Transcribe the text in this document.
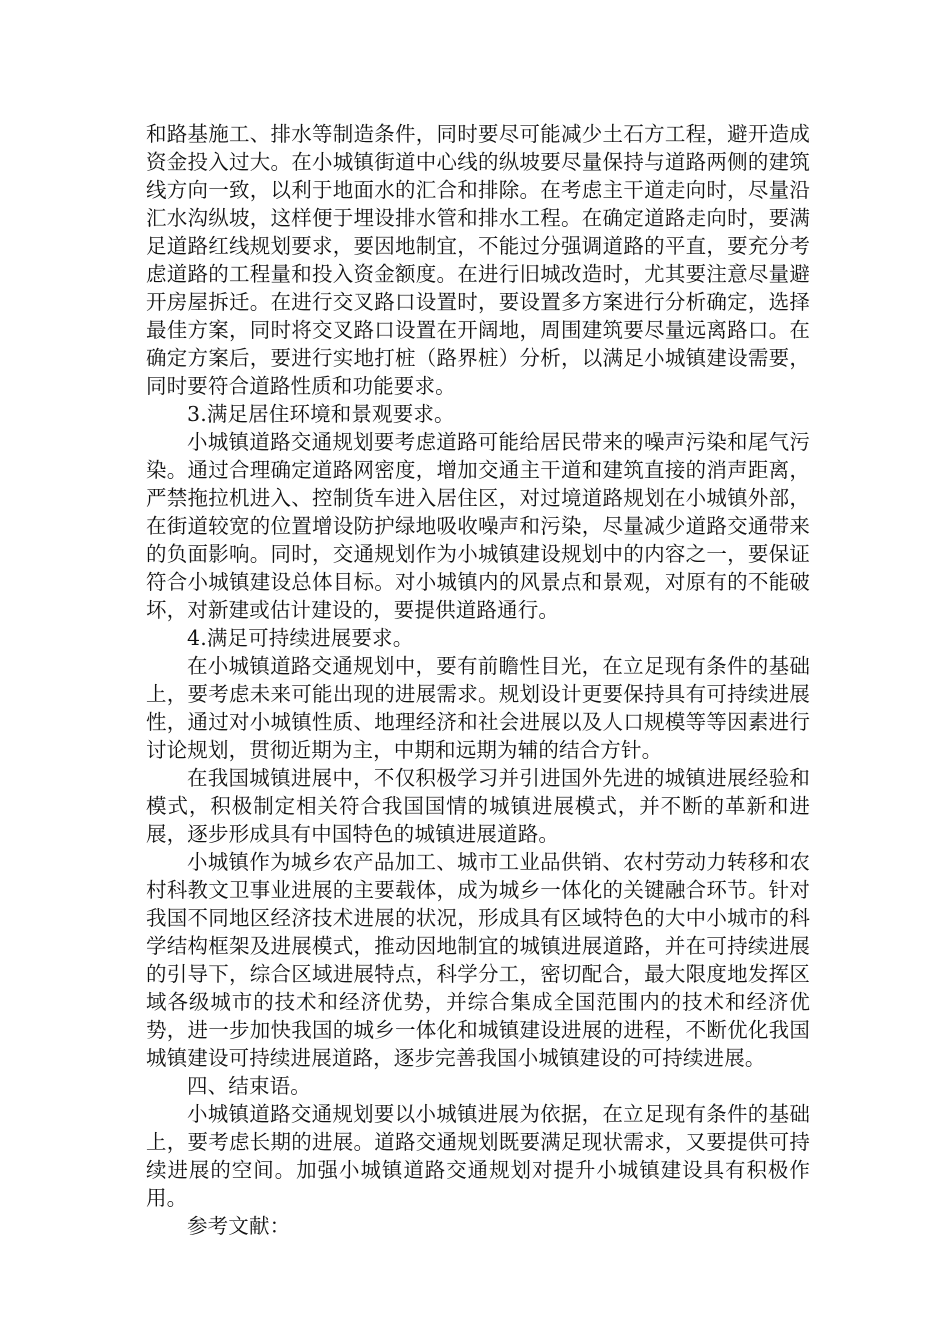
和路基施工、排水等制造条件，同时要尽可能减少土石方工程，避开造成资金投入过大。在小城镇街道中心线的纵坡要尽量保持与道路两侧的建筑线方向一致，以利于地面水的汇合和排除。在考虑主干道走向时，尽量沿汇水沟纵坡，这样便于埋设排水管和排水工程。在确定道路走向时，要满足道路红线规划要求，要因地制宜，不能过分强调道路的平直，要充分考虑道路的工程量和投入资金额度。在进行旧城改造时，尤其要注意尽量避开房屋拆迁。在进行交叉路口设置时，要设置多方案进行分析确定，选择最佳方案，同时将交叉路口设置在开阔地，周围建筑要尽量远离路口。在确定方案后，要进行实地打桩（路界桩）分析，以满足小城镇建设需要，同时要符合道路性质和功能要求。

3.满足居住环境和景观要求。

小城镇道路交通规划要考虑道路可能给居民带来的噪声污染和尾气污染。通过合理确定道路网密度，增加交通主干道和建筑直接的消声距离，严禁拖拉机进入、控制货车进入居住区，对过境道路规划在小城镇外部，在街道较宽的位置增设防护绿地吸收噪声和污染，尽量减少道路交通带来的负面影响。同时，交通规划作为小城镇建设规划中的内容之一，要保证符合小城镇建设总体目标。对小城镇内的风景点和景观，对原有的不能破坏，对新建或估计建设的，要提供道路通行。

4.满足可持续进展要求。

在小城镇道路交通规划中，要有前瞻性目光，在立足现有条件的基础上，要考虑未来可能出现的进展需求。规划设计更要保持具有可持续进展性，通过对小城镇性质、地理经济和社会进展以及人口规模等等因素进行讨论规划，贯彻近期为主，中期和远期为辅的结合方针。

在我国城镇进展中，不仅积极学习并引进国外先进的城镇进展经验和模式，积极制定相关符合我国国情的城镇进展模式，并不断的革新和进展，逐步形成具有中国特色的城镇进展道路。

小城镇作为城乡农产品加工、城市工业品供销、农村劳动力转移和农村科教文卫事业进展的主要载体，成为城乡一体化的关键融合环节。针对我国不同地区经济技术进展的状况，形成具有区域特色的大中小城市的科学结构框架及进展模式，推动因地制宜的城镇进展道路，并在可持续进展的引导下，综合区域进展特点，科学分工，密切配合，最大限度地发挥区域各级城市的技术和经济优势，并综合集成全国范围内的技术和经济优势，进一步加快我国的城乡一体化和城镇建设进展的进程，不断优化我国城镇建设可持续进展道路，逐步完善我国小城镇建设的可持续进展。

四、结束语。

小城镇道路交通规划要以小城镇进展为依据，在立足现有条件的基础上，要考虑长期的进展。道路交通规划既要满足现状需求，又要提供可持续进展的空间。加强小城镇道路交通规划对提升小城镇建设具有积极作用。

参考文献：
